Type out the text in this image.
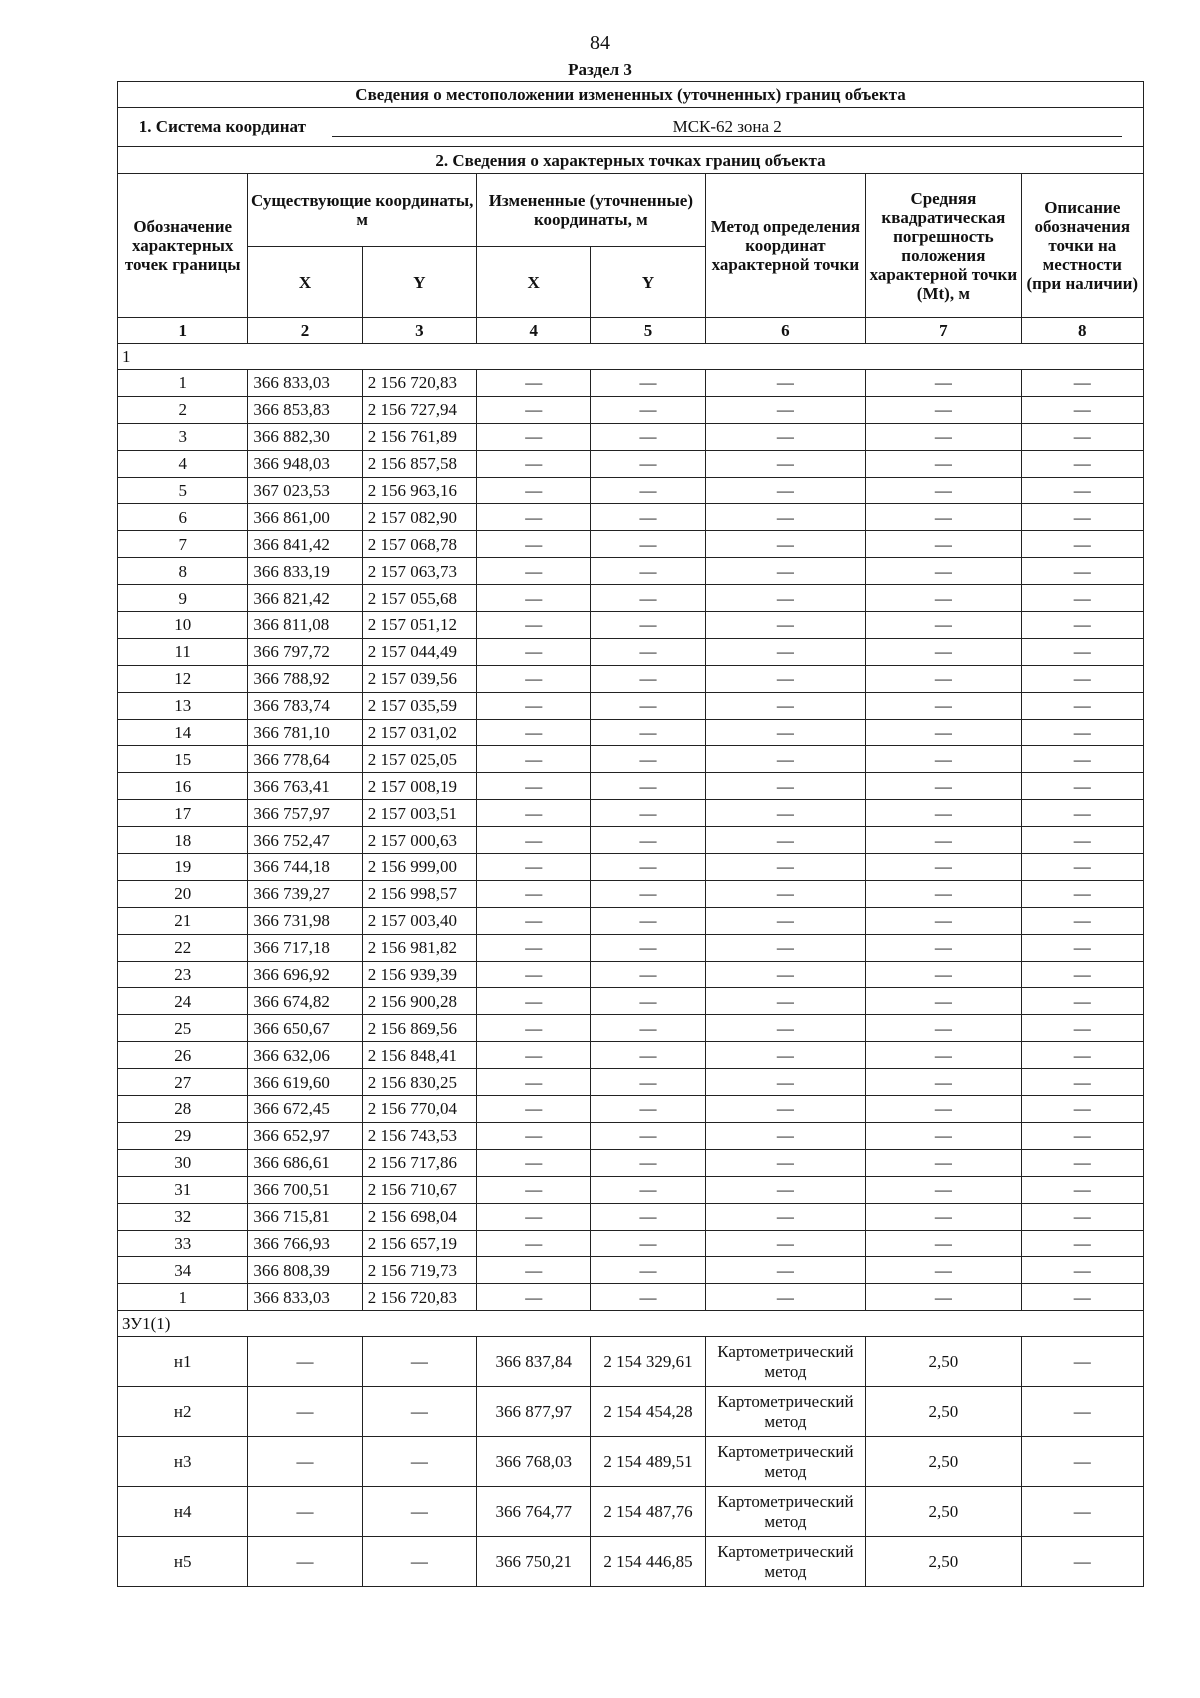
84
Раздел 3
Сведения о местоположении измененных (уточненных) границ объекта							
1. Система координат МСК-62 зона 2							
2. Сведения о характерных точках границ объекта							
Обозначение характерных точек границы	Существующие координаты, м		Измененные (уточненные) координаты, м		Метод определения координат характерной точки	Средняя квадратическая погрешность положения характерной точки (Mt), м	Описание обозначения точки на местности (при наличии)
	X	Y	X	Y			
1	2	3	4	5	6	7	8
1							
1	366 833,03	2 156 720,83	—	—	—	—	—
2	366 853,83	2 156 727,94	—	—	—	—	—
3	366 882,30	2 156 761,89	—	—	—	—	—
4	366 948,03	2 156 857,58	—	—	—	—	—
5	367 023,53	2 156 963,16	—	—	—	—	—
6	366 861,00	2 157 082,90	—	—	—	—	—
7	366 841,42	2 157 068,78	—	—	—	—	—
8	366 833,19	2 157 063,73	—	—	—	—	—
9	366 821,42	2 157 055,68	—	—	—	—	—
10	366 811,08	2 157 051,12	—	—	—	—	—
11	366 797,72	2 157 044,49	—	—	—	—	—
12	366 788,92	2 157 039,56	—	—	—	—	—
13	366 783,74	2 157 035,59	—	—	—	—	—
14	366 781,10	2 157 031,02	—	—	—	—	—
15	366 778,64	2 157 025,05	—	—	—	—	—
16	366 763,41	2 157 008,19	—	—	—	—	—
17	366 757,97	2 157 003,51	—	—	—	—	—
18	366 752,47	2 157 000,63	—	—	—	—	—
19	366 744,18	2 156 999,00	—	—	—	—	—
20	366 739,27	2 156 998,57	—	—	—	—	—
21	366 731,98	2 157 003,40	—	—	—	—	—
22	366 717,18	2 156 981,82	—	—	—	—	—
23	366 696,92	2 156 939,39	—	—	—	—	—
24	366 674,82	2 156 900,28	—	—	—	—	—
25	366 650,67	2 156 869,56	—	—	—	—	—
26	366 632,06	2 156 848,41	—	—	—	—	—
27	366 619,60	2 156 830,25	—	—	—	—	—
28	366 672,45	2 156 770,04	—	—	—	—	—
29	366 652,97	2 156 743,53	—	—	—	—	—
30	366 686,61	2 156 717,86	—	—	—	—	—
31	366 700,51	2 156 710,67	—	—	—	—	—
32	366 715,81	2 156 698,04	—	—	—	—	—
33	366 766,93	2 156 657,19	—	—	—	—	—
34	366 808,39	2 156 719,73	—	—	—	—	—
1	366 833,03	2 156 720,83	—	—	—	—	—
ЗУ1(1)							
н1	—	—	366 837,84	2 154 329,61	Картометрический метод	2,50	—
н2	—	—	366 877,97	2 154 454,28	Картометрический метод	2,50	—
н3	—	—	366 768,03	2 154 489,51	Картометрический метод	2,50	—
н4	—	—	366 764,77	2 154 487,76	Картометрический метод	2,50	—
н5	—	—	366 750,21	2 154 446,85	Картометрический метод	2,50	—
